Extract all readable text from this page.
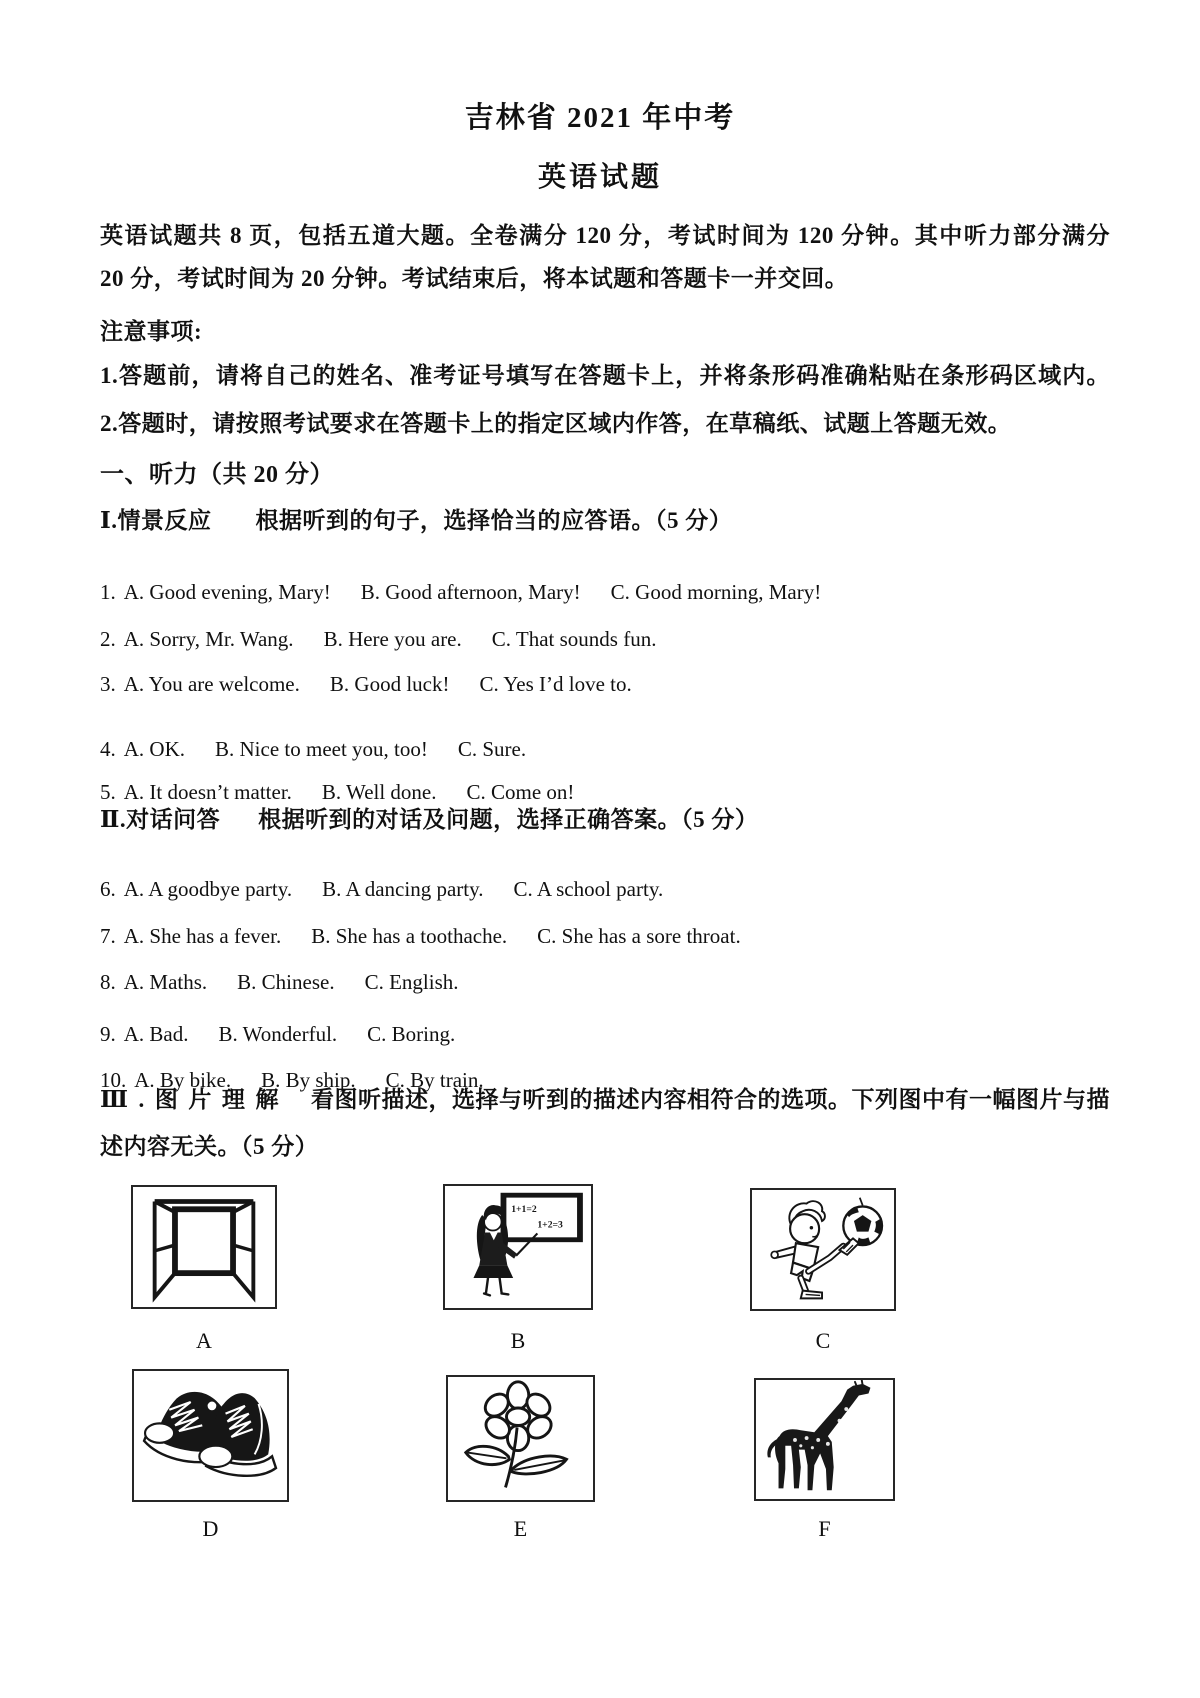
吉林省 2021 年中考
英语试题
英语试题共 8 页，包括五道大题。全卷满分 120 分，考试时间为 120 分钟。其中听力部分满分
20 分，考试时间为 20 分钟。考试结束后，将本试题和答题卡一并交回。
注意事项:
1.答题前，请将自己的姓名、准考证号填写在答题卡上，并将条形码准确粘贴在条形码区域内。
2.答题时，请按照考试要求在答题卡上的指定区域内作答，在草稿纸、试题上答题无效。
一、听力（共 20 分）
Ⅰ.情景反应 根据听到的句子，选择恰当的应答语。（5 分）

1. A. Good evening, Mary! B. Good afternoon, Mary! C. Good morning, Mary!

2. A. Sorry, Mr. Wang. B. Here you are. C. That sounds fun.

3. A. You are welcome. B. Good luck! C. Yes I’d love to.

4. A. OK. B. Nice to meet you, too! C. Sure.

5. A. It doesn’t matter. B. Well done. C. Come on!

Ⅱ.对话问答 根据听到的对话及问题，选择正确答案。（5 分）

6. A. A goodbye party. B. A dancing party. C. A school party.

7. A. She has a fever. B. She has a toothache. C. She has a sore throat.

8. A. Maths. B. Chinese. C. English.

9. A. Bad. B. Wonderful. C. Boring.

10. A. By bike. B. By ship. C. By train.

Ⅲ.图片理解 看图听描述，选择与听到的描述内容相符合的选项。下列图中有一幅图片与描
述内容无关。（5 分）
1+1=2
1+2=3
A	B	C
D	E	F
